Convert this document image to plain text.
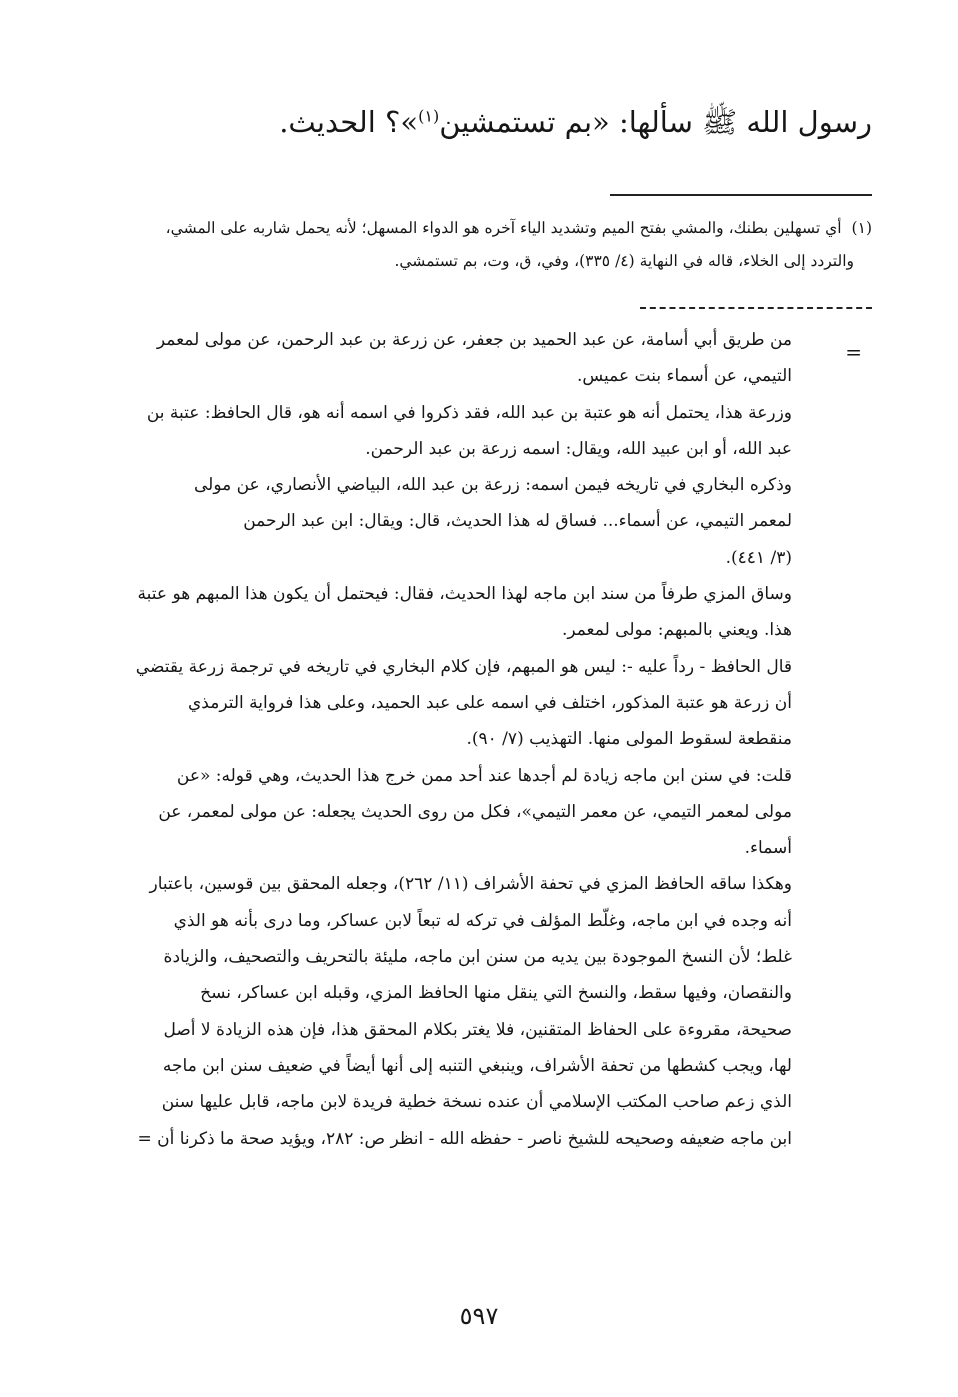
رسول الله ﷺ سألها: «بم تستمشين$^{(١)}$»؟ الحديث.
(١)أي تسهلين بطنك، والمشي بفتح الميم وتشديد الياء آخره هو الدواء المسهل؛ لأنه يحمل شاربه على المشي،
والتردد إلى الخلاء، قاله في النهاية (٤/ ٣٣٥)، وفي، ق، وت، بم تستمشي.
=
من طريق أبي أسامة، عن عبد الحميد بن جعفر، عن زرعة بن عبد الرحمن، عن مولى لمعمر
التيمي، عن أسماء بنت عميس.
وزرعة هذا، يحتمل أنه هو عتبة بن عبد الله، فقد ذكروا في اسمه أنه هو، قال الحافظ: عتبة بن
عبد الله، أو ابن عبيد الله، ويقال: اسمه زرعة بن عبد الرحمن.
وذكره البخاري في تاريخه فيمن اسمه: زرعة بن عبد الله، البياضي الأنصاري، عن مولى
لمعمر التيمي، عن أسماء... فساق له هذا الحديث، قال: ويقال: ابن عبد الرحمن
(٣/ ٤٤١).
وساق المزي طرفاً من سند ابن ماجه لهذا الحديث، فقال: فيحتمل أن يكون هذا المبهم هو عتبة
هذا. ويعني بالمبهم: مولى لمعمر.
قال الحافظ - رداً عليه -: ليس هو المبهم، فإن كلام البخاري في تاريخه في ترجمة زرعة يقتضي
أن زرعة هو عتبة المذكور، اختلف في اسمه على عبد الحميد، وعلى هذا فرواية الترمذي
منقطعة لسقوط المولى منها. التهذيب (٧/ ٩٠).
قلت: في سنن ابن ماجه زيادة لم أجدها عند أحد ممن خرج هذا الحديث، وهي قوله: «عن
مولى لمعمر التيمي، عن معمر التيمي»، فكل من روى الحديث يجعله: عن مولى لمعمر، عن
أسماء.
وهكذا ساقه الحافظ المزي في تحفة الأشراف (١١/ ٢٦٢)، وجعله المحقق بين قوسين، باعتبار
أنه وجده في ابن ماجه، وغلّط المؤلف في تركه له تبعاً لابن عساكر، وما درى بأنه هو الذي
غلط؛ لأن النسخ الموجودة بين يديه من سنن ابن ماجه، مليئة بالتحريف والتصحيف، والزيادة
والنقصان، وفيها سقط، والنسخ التي ينقل منها الحافظ المزي، وقبله ابن عساكر، نسخ
صحيحة، مقروءة على الحفاظ المتقنين، فلا يغتر بكلام المحقق هذا، فإن هذه الزيادة لا أصل
لها، ويجب كشطها من تحفة الأشراف، وينبغي التنبه إلى أنها أيضاً في ضعيف سنن ابن ماجه
الذي زعم صاحب المكتب الإسلامي أن عنده نسخة خطية فريدة لابن ماجه، قابل عليها سنن
ابن ماجه ضعيفه وصحيحه للشيخ ناصر - حفظه الله - انظر ص: ٢٨٢، ويؤيد صحة ما ذكرنا أن =
٥٩٧
